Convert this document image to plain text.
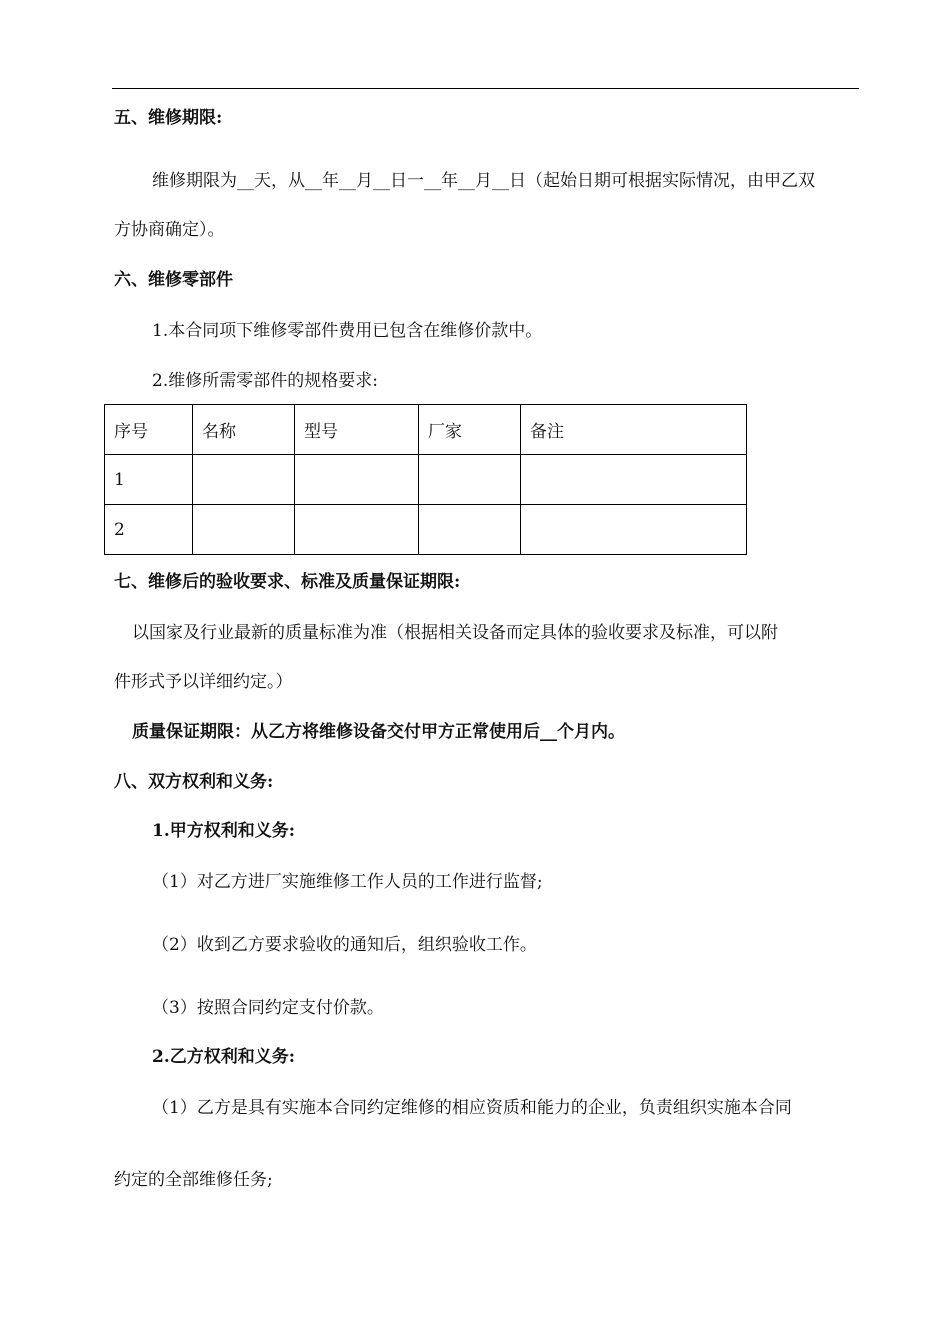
五、维修期限:
维修期限为__天，从__年__月__日一__年__月__日（起始日期可根据实际情况，由甲乙双
方协商确定）。
六、维修零部件
1.本合同项下维修零部件费用已包含在维修价款中。
2.维修所需零部件的规格要求:
序号	名称	型号	厂家	备注
1				
2				
七、维修后的验收要求、标准及质量保证期限:
以国家及行业最新的质量标准为准（根据相关设备而定具体的验收要求及标准，可以附
件形式予以详细约定。）
质量保证期限：从乙方将维修设备交付甲方正常使用后__个月内。
八、双方权利和义务:
1.甲方权利和义务:
（1）对乙方进厂实施维修工作人员的工作进行监督;
（2）收到乙方要求验收的通知后，组织验收工作。
（3）按照合同约定支付价款。
2.乙方权利和义务:
（1）乙方是具有实施本合同约定维修的相应资质和能力的企业，负责组织实施本合同
约定的全部维修任务;
